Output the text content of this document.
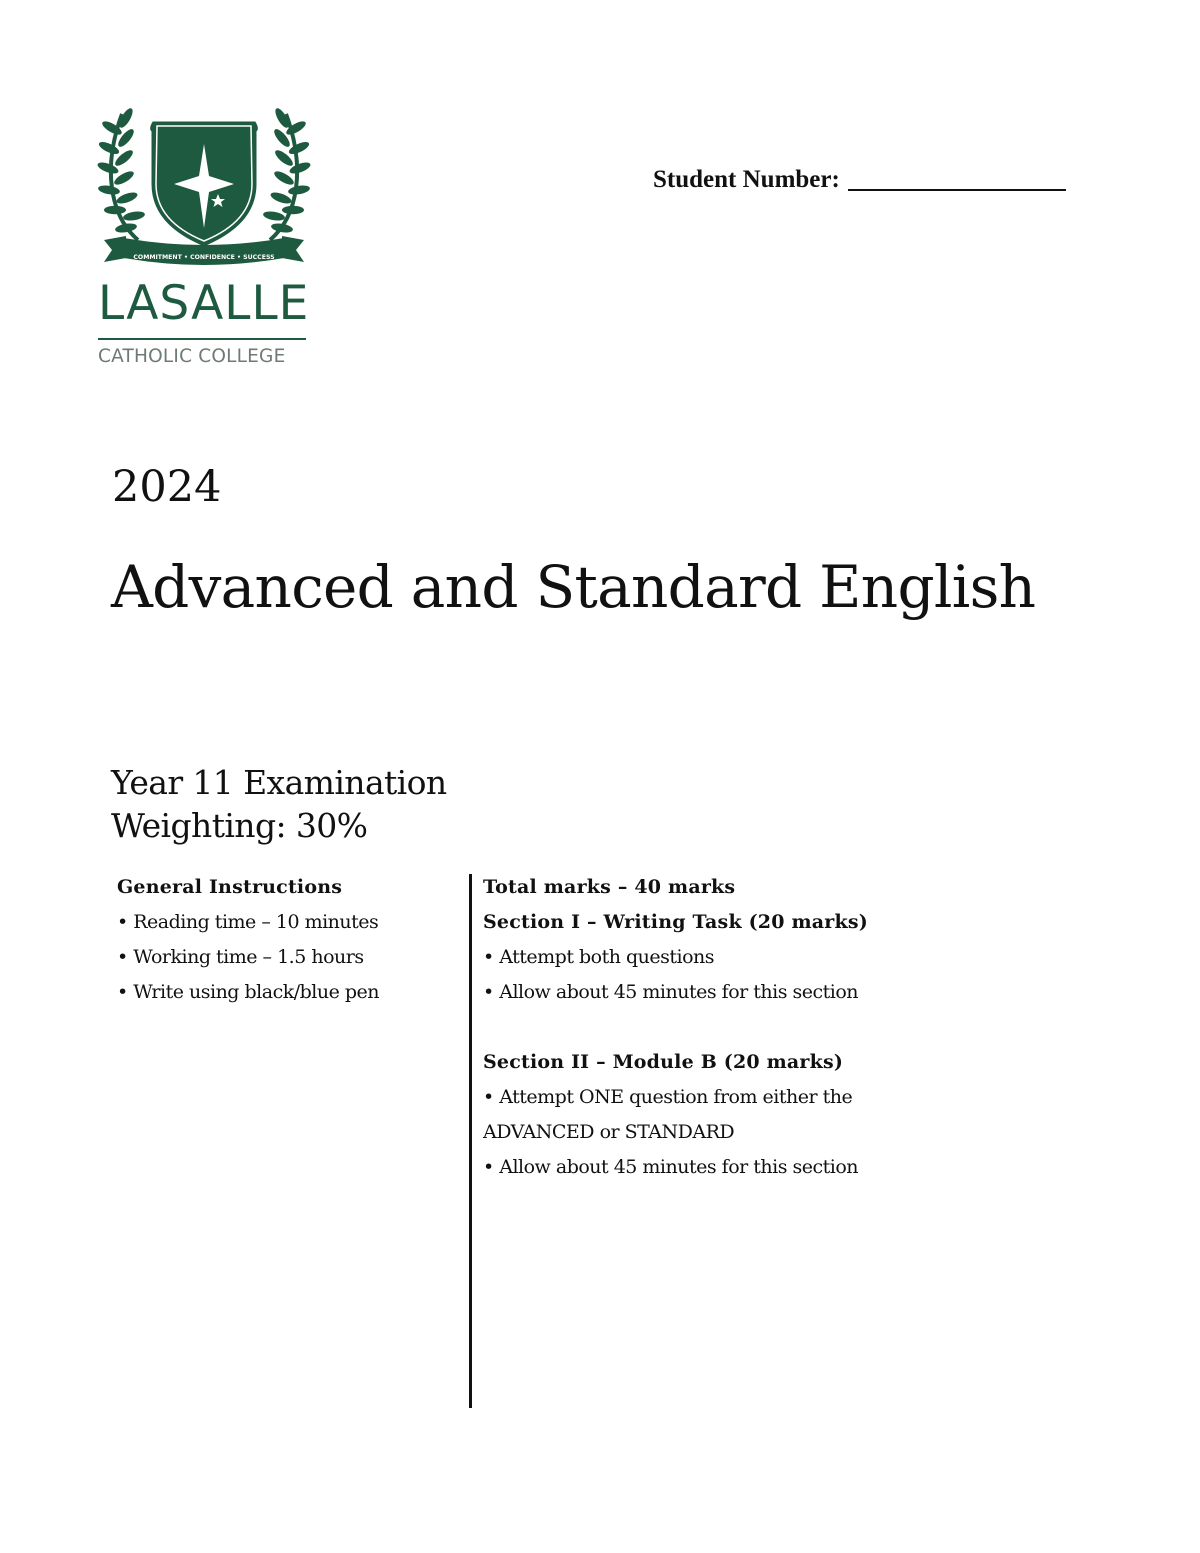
COMMITMENT • CONFIDENCE • SUCCESS
LASALLE
CATHOLIC COLLEGE
Student Number:
2024
Advanced and Standard English
Year 11 Examination
Weighting: 30%
General Instructions
• Reading time – 10 minutes
• Working time – 1.5 hours
• Write using black/blue pen
Total marks – 40 marks
Section I – Writing Task (20 marks)
• Attempt both questions
• Allow about 45 minutes for this section
Section II – Module B (20 marks)
• Attempt ONE question from either the
ADVANCED or STANDARD
• Allow about 45 minutes for this section
